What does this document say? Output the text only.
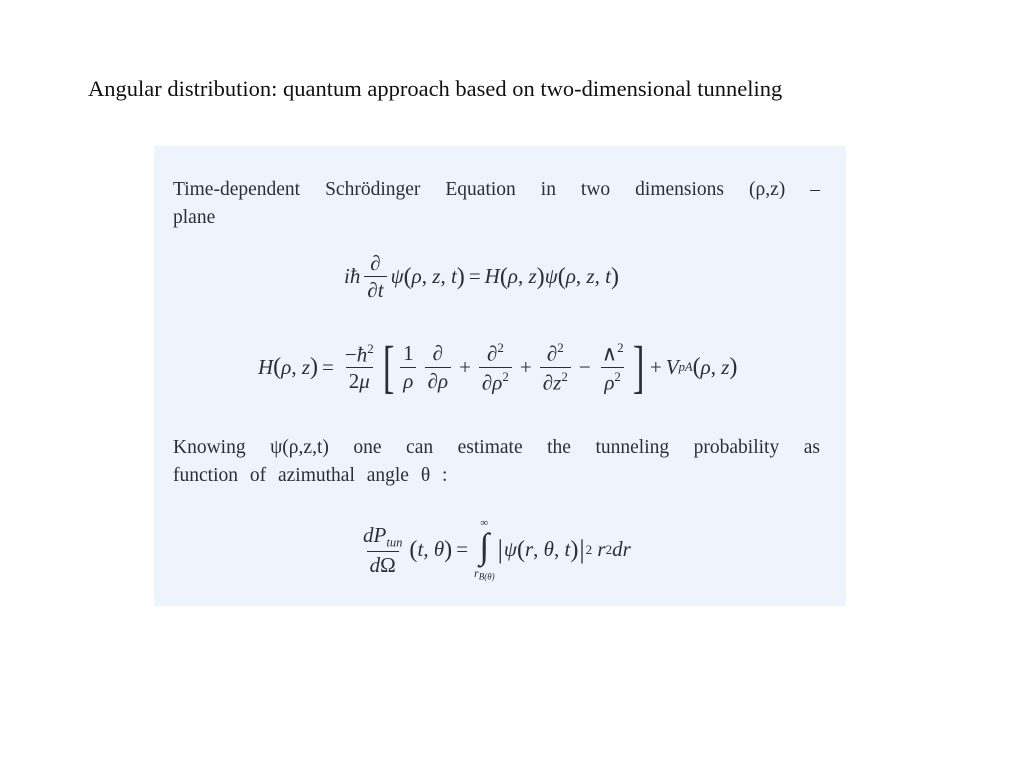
Angular distribution: quantum approach based on two-dimensional tunneling

Time-dependent Schrödinger Equation in two dimensions (ρ,z) –
plane

i ħ $\frac{\partial}{\partial t}$ ψ ( ρ , z , t ) = H ( ρ , z ) ψ ( ρ , z , t )
H ( ρ , z ) = $\frac{-ħ^2}{2\mu}$ [ $\frac{1}{\rho} \frac{\partial}{\partial\rho} + \frac{\partial^2}{\partial\rho^2} + \frac{\partial^2}{\partial z^2} - \frac{\wedge^2}{\rho^2}$ ] + V pA ( ρ , z )

Knowing ψ(ρ,z,t) one can estimate the tunneling probability as
function of azimuthal angle θ :

$\frac{dP_{tun}}{d\Omega}$ ( t , θ ) =
∞
∫
$r_{B(\theta)}$
| ψ ( r , θ , t ) | 2
r 2 dr
